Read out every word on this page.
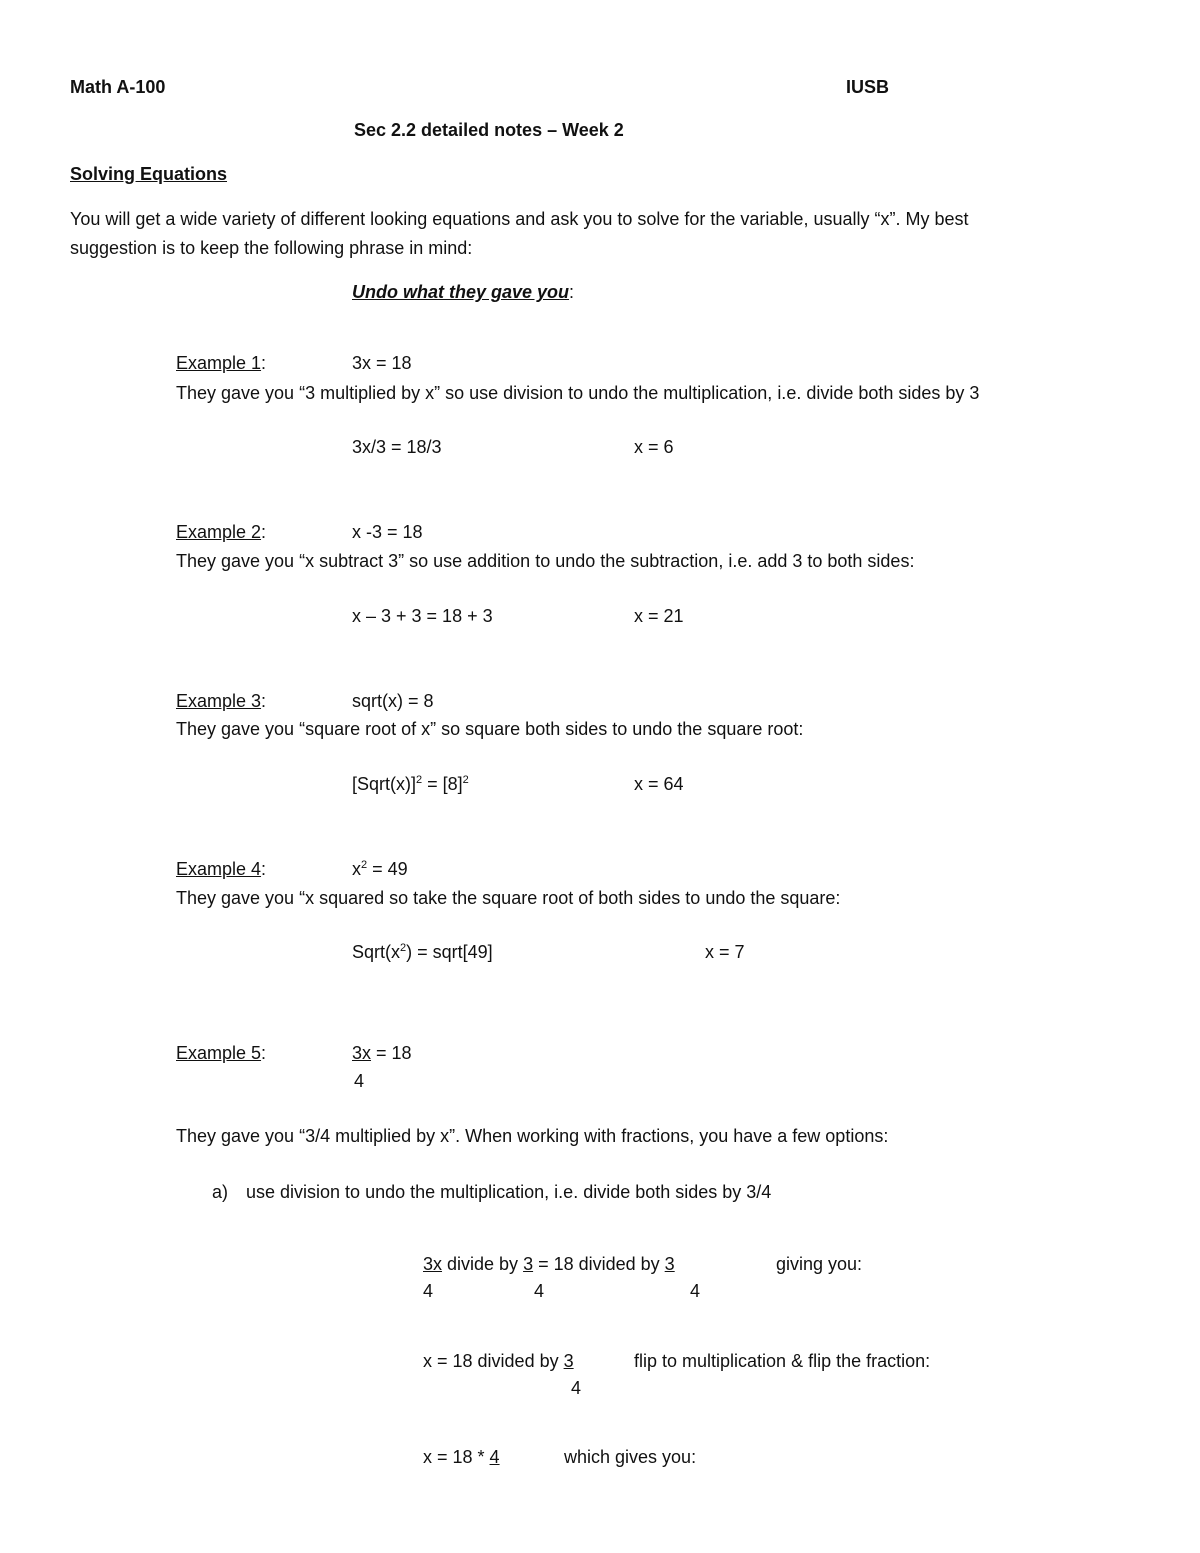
Math A-100	IUSB
Sec 2.2 detailed notes – Week 2
Solving Equations
You will get a wide variety of different looking equations and ask you to solve for the variable, usually “x”. My best
suggestion is to keep the following phrase in mind:
Undo what they gave you:
Example 1:	3x = 18
They gave you “3 multiplied by x” so use division to undo the multiplication, i.e. divide both sides by 3
3x/3 = 18/3	x = 6
Example 2:	x -3 = 18
They gave you “x subtract 3” so use addition to undo the subtraction, i.e. add 3 to both sides:
x – 3 + 3 = 18 + 3	x = 21
Example 3:	sqrt(x) = 8
They gave you “square root of x” so square both sides to undo the square root:
[Sqrt(x)]$^2$ = $[8]^2$	x = 64
Example 4:	$x^2 = 49$
They gave you “x squared so take the square root of both sides to undo the square:
$Sqrt(x^2)$ = sqrt[49]	x = 7
Example 5:	3x = 18
4
They gave you “3/4 multiplied by x”. When working with fractions, you have a few options:
a) use division to undo the multiplication, i.e. divide both sides by 3/4
3x divide by 3 = 18 divided by 3	giving you:
4	4	4
x = 18 divided by 3	flip to multiplication & flip the fraction:
4
x = 18 * 4	which gives you:
